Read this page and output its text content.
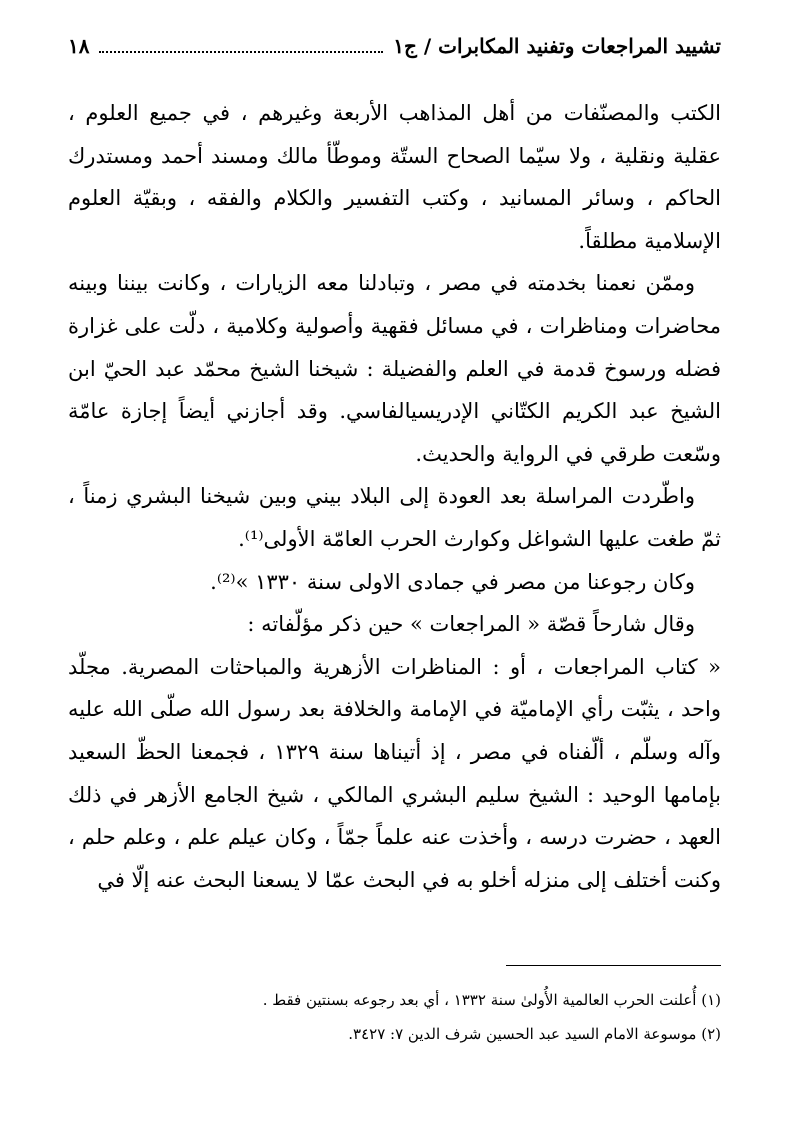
تشييد المراجعات وتفنيد المكابرات / ج١
١٨

الكتب والمصنّفات من أهل المذاهب الأربعة وغيرهم ، في جميع العلوم ، عقلية ونقلية ، ولا سيّما الصحاح الستّة وموطّأ مالك ومسند أحمد ومستدرك الحاكم ، وسائر المسانيد ، وكتب التفسير والكلام والفقه ، وبقيّة العلوم الإسلامية مطلقاً.

وممّن نعمنا بخدمته في مصر ، وتبادلنا معه الزيارات ، وكانت بيننا وبينه محاضرات ومناظرات ، في مسائل فقهية وأصولية وكلامية ، دلّت على غزارة فضله ورسوخ قدمة في العلم والفضيلة : شيخنا الشيخ محمّد عبد الحيّ ابن الشيخ عبد الكريم الكتّاني الإدريسيالفاسي. وقد أجازني أيضاً إجازة عامّة وسّعت طرقي في الرواية والحديث.

واطّردت المراسلة بعد العودة إلى البلاد بيني وبين شيخنا البشري زمناً ، ثمّ طغت عليها الشواغل وكوارث الحرب العامّة الأولى⁽¹⁾.

وكان رجوعنا من مصر في جمادى الاولى سنة ١٣٣٠ »⁽²⁾.

وقال شارحاً قصّة « المراجعات » حين ذكر مؤلّفاته :

« كتاب المراجعات ، أو : المناظرات الأزهرية والمباحثات المصرية. مجلّد واحد ، يثبّت رأي الإماميّة في الإمامة والخلافة بعد رسول الله صلّى الله عليه وآله وسلّم ، ألّفناه في مصر ، إذ أتيناها سنة ١٣٢٩ ، فجمعنا الحظّ السعيد بإمامها الوحيد : الشيخ سليم البشري المالكي ، شيخ الجامع الأزهر في ذلك العهد ، حضرت درسه ، وأخذت عنه علماً جمّاً ، وكان عيلم علم ، وعلم حلم ، وكنت أختلف إلى منزله أخلو به في البحث عمّا لا يسعنا البحث عنه إلّا في

(١) أُعلنت الحرب العالمية الأُولىٰ سنة ١٣٣٢ ، أي بعد رجوعه بسنتين فقط .

(٢) موسوعة الامام السيد عبد الحسين شرف الدين ٧: ٣٤٢٧.
